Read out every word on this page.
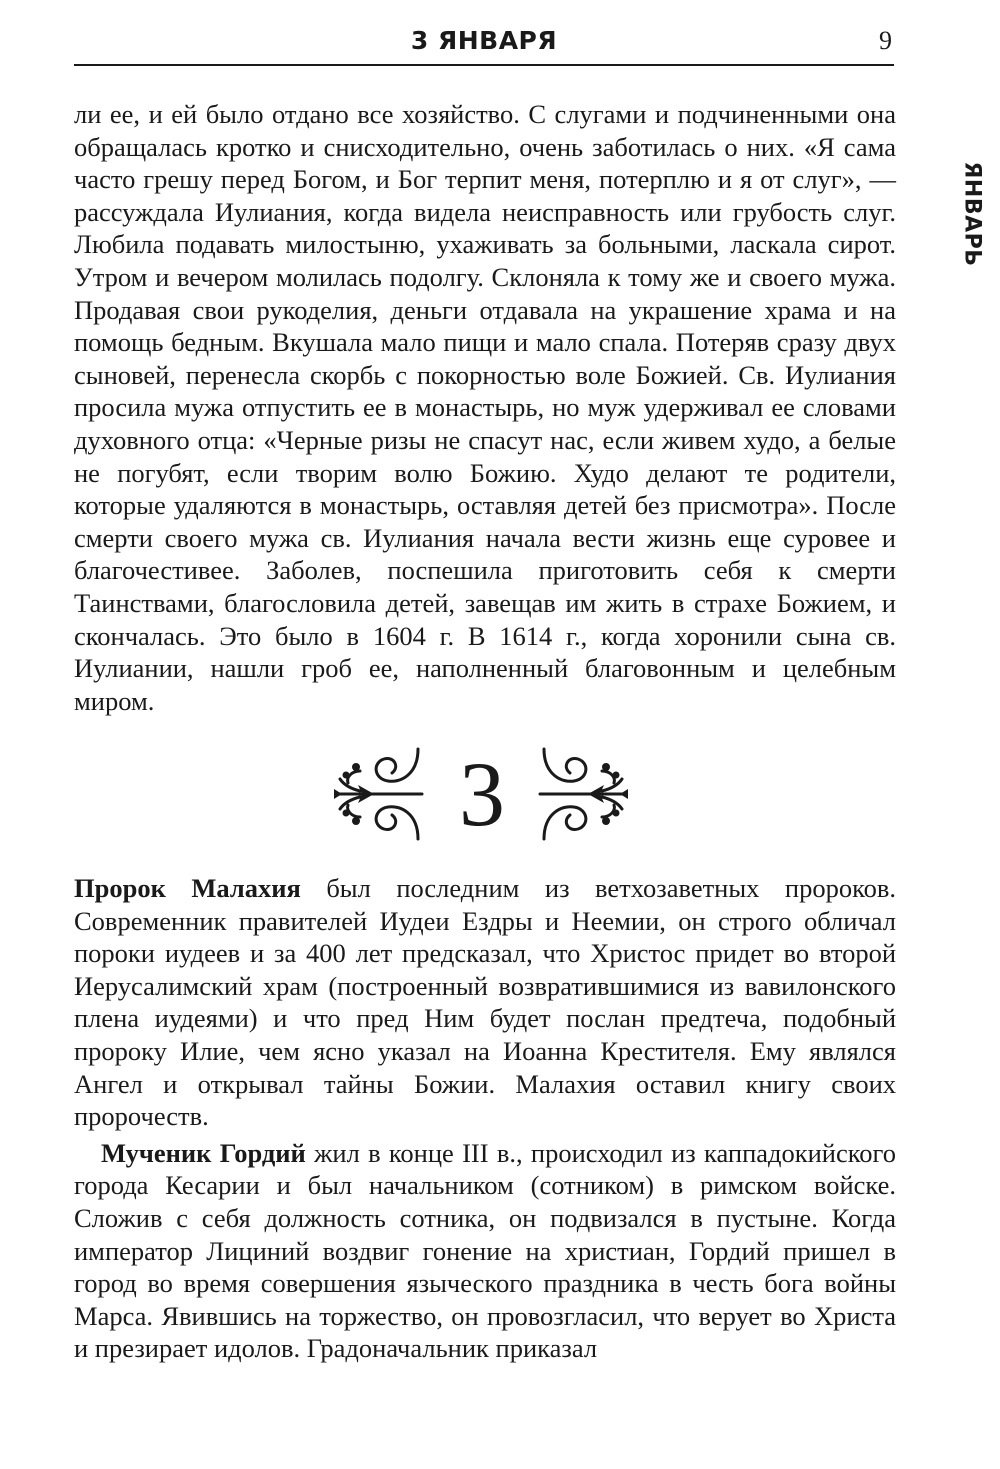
3 ЯНВАРЯ	9
ЯНВАРЬ

ли ее, и ей было отдано все хозяйство. С слугами и подчиненными она обращалась кротко и снисходительно, очень заботилась о них. «Я сама часто грешу перед Богом, и Бог терпит меня, потерплю и я от слуг», — рассуждала Иулиания, когда видела неисправность или грубость слуг. Любила подавать милостыню, ухаживать за больными, ласкала сирот. Утром и вечером молилась подолгу. Склоняла к тому же и своего мужа. Продавая свои рукоделия, деньги отдавала на украшение храма и на помощь бедным. Вкушала мало пищи и мало спала. Потеряв сразу двух сыновей, перенесла скорбь с покорностью воле Божией. Св. Иулиания просила мужа отпустить ее в монастырь, но муж удерживал ее словами духовного отца: «Черные ризы не спасут нас, если живем худо, а белые не погубят, если творим волю Божию. Худо делают те родители, которые удаляются в монастырь, оставляя детей без присмотра». После смерти своего мужа св. Иулиания начала вести жизнь еще суровее и благочестивее. Заболев, поспешила приготовить себя к смерти Таинствами, благословила детей, завещав им жить в страхе Божием, и скончалась. Это было в 1604 г. В 1614 г., когда хоронили сына св. Иулиании, нашли гроб ее, наполненный благовонным и целебным миром.

3

Пророк Малахия был последним из ветхозаветных пророков. Современник правителей Иудеи Ездры и Неемии, он строго обличал пороки иудеев и за 400 лет предсказал, что Христос придет во второй Иерусалимский храм (построенный возвратившимися из вавилонского плена иудеями) и что пред Ним будет послан предтеча, подобный пророку Илие, чем ясно указал на Иоанна Крестителя. Ему являлся Ангел и открывал тайны Божии. Малахия оставил книгу своих пророчеств.

Мученик Гордий жил в конце III в., происходил из каппадокийского города Кесарии и был начальником (сотником) в римском войске. Сложив с себя должность сотника, он подвизался в пустыне. Когда император Лициний воздвиг гонение на христиан, Гордий пришел в город во время совершения языческого праздника в честь бога войны Марса. Явившись на торжество, он провозгласил, что верует во Христа и презирает идолов. Градоначальник приказал
